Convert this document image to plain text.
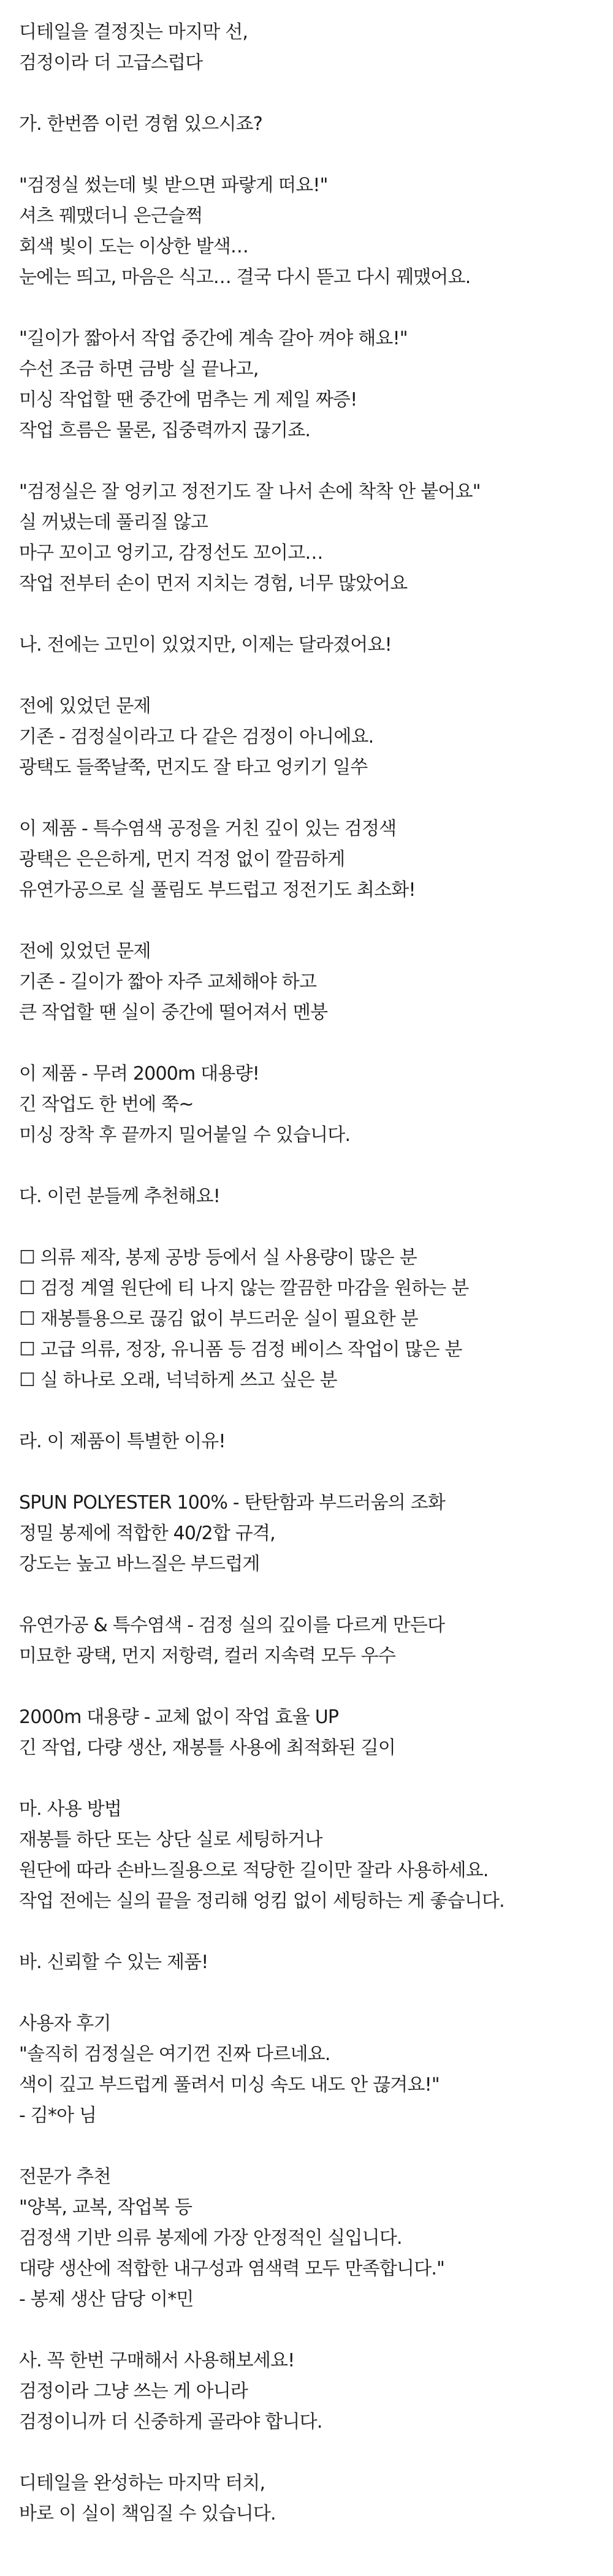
디테일을 결정짓는 마지막 선,
검정이라 더 고급스럽다
가. 한번쯤 이런 경험 있으시죠?
"검정실 썼는데 빛 받으면 파랗게 떠요!"
셔츠 꿰맸더니 은근슬쩍
회색 빛이 도는 이상한 발색…
눈에는 띄고, 마음은 식고… 결국 다시 뜯고 다시 꿰맸어요.
"길이가 짧아서 작업 중간에 계속 갈아 껴야 해요!"
수선 조금 하면 금방 실 끝나고,
미싱 작업할 땐 중간에 멈추는 게 제일 짜증!
작업 흐름은 물론, 집중력까지 끊기죠.
"검정실은 잘 엉키고 정전기도 잘 나서 손에 착착 안 붙어요"
실 꺼냈는데 풀리질 않고
마구 꼬이고 엉키고, 감정선도 꼬이고…
작업 전부터 손이 먼저 지치는 경험, 너무 많았어요
나. 전에는 고민이 있었지만, 이제는 달라졌어요!
전에 있었던 문제
기존 - 검정실이라고 다 같은 검정이 아니에요.
광택도 들쭉날쭉, 먼지도 잘 타고 엉키기 일쑤
이 제품 - 특수염색 공정을 거친 깊이 있는 검정색
광택은 은은하게, 먼지 걱정 없이 깔끔하게
유연가공으로 실 풀림도 부드럽고 정전기도 최소화!
전에 있었던 문제
기존 - 길이가 짧아 자주 교체해야 하고
큰 작업할 땐 실이 중간에 떨어져서 멘붕
이 제품 - 무려 2000m 대용량!
긴 작업도 한 번에 쭉~
미싱 장착 후 끝까지 밀어붙일 수 있습니다.
다. 이런 분들께 추천해요!
☐ 의류 제작, 봉제 공방 등에서 실 사용량이 많은 분
☐ 검정 계열 원단에 티 나지 않는 깔끔한 마감을 원하는 분
☐ 재봉틀용으로 끊김 없이 부드러운 실이 필요한 분
☐ 고급 의류, 정장, 유니폼 등 검정 베이스 작업이 많은 분
☐ 실 하나로 오래, 넉넉하게 쓰고 싶은 분
라. 이 제품이 특별한 이유!
SPUN POLYESTER 100% - 탄탄함과 부드러움의 조화
정밀 봉제에 적합한 40/2합 규격,
강도는 높고 바느질은 부드럽게
유연가공 & 특수염색 - 검정 실의 깊이를 다르게 만든다
미묘한 광택, 먼지 저항력, 컬러 지속력 모두 우수
2000m 대용량 - 교체 없이 작업 효율 UP
긴 작업, 다량 생산, 재봉틀 사용에 최적화된 길이
마. 사용 방법
재봉틀 하단 또는 상단 실로 세팅하거나
원단에 따라 손바느질용으로 적당한 길이만 잘라 사용하세요.
작업 전에는 실의 끝을 정리해 엉킴 없이 세팅하는 게 좋습니다.
바. 신뢰할 수 있는 제품!
사용자 후기
"솔직히 검정실은 여기껀 진짜 다르네요.
색이 깊고 부드럽게 풀려서 미싱 속도 내도 안 끊겨요!"
- 김*아 님
전문가 추천
"양복, 교복, 작업복 등
검정색 기반 의류 봉제에 가장 안정적인 실입니다.
대량 생산에 적합한 내구성과 염색력 모두 만족합니다."
- 봉제 생산 담당 이*민
사. 꼭 한번 구매해서 사용해보세요!
검정이라 그냥 쓰는 게 아니라
검정이니까 더 신중하게 골라야 합니다.
디테일을 완성하는 마지막 터치,
바로 이 실이 책임질 수 있습니다.
